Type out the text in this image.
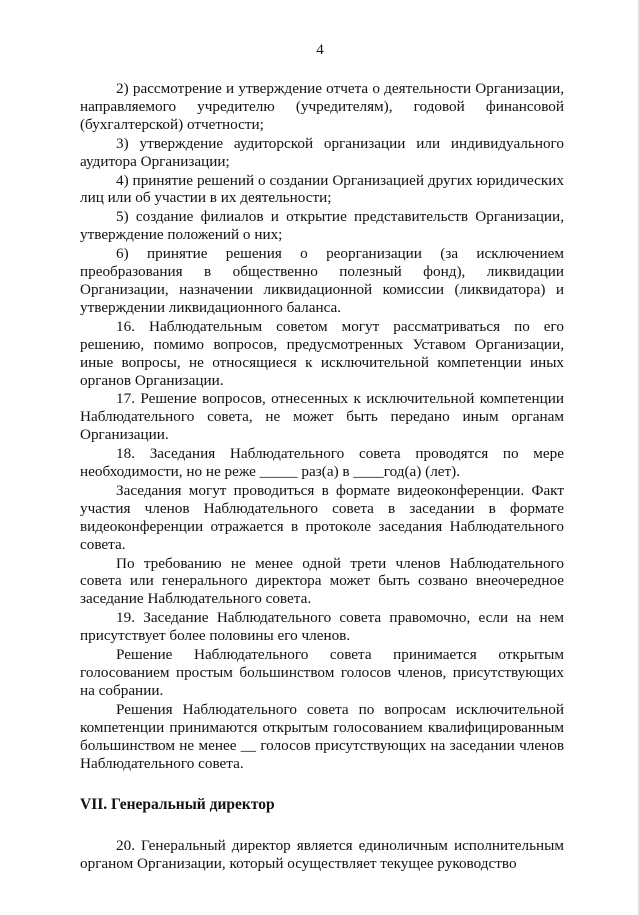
4

2) рассмотрение и утверждение отчета о деятельности Организации, направляемого учредителю (учредителям), годовой финансовой (бухгалтерской) отчетности;

3) утверждение аудиторской организации или индивидуального аудитора Организации;

4) принятие решений о создании Организацией других юридических лиц или об участии в их деятельности;

5) создание филиалов и открытие представительств Организации, утверждение положений о них;

6) принятие решения о реорганизации (за исключением преобразования в общественно полезный фонд), ликвидации Организации, назначении ликвидационной комиссии (ликвидатора) и утверждении ликвидационного баланса.

16. Наблюдательным советом могут рассматриваться по его решению, помимо вопросов, предусмотренных Уставом Организации, иные вопросы, не относящиеся к исключительной компетенции иных органов Организации.

17. Решение вопросов, отнесенных к исключительной компетенции Наблюдательного совета, не может быть передано иным органам Организации.

18. Заседания Наблюдательного совета проводятся по мере необходимости, но не реже _____ раз(а) в ____год(а) (лет).

Заседания могут проводиться в формате видеоконференции. Факт участия членов Наблюдательного совета в заседании в формате видеоконференции отражается в протоколе заседания Наблюдательного совета.

По требованию не менее одной трети членов Наблюдательного совета или генерального директора может быть созвано внеочередное заседание Наблюдательного совета.

19. Заседание Наблюдательного совета правомочно, если на нем присутствует более половины его членов.

Решение Наблюдательного совета принимается открытым голосованием простым большинством голосов членов, присутствующих на собрании.

Решения Наблюдательного совета по вопросам исключительной компетенции принимаются открытым голосованием квалифицированным большинством не менее __ голосов присутствующих на заседании членов Наблюдательного совета.

VII. Генеральный директор

20. Генеральный директор является единоличным исполнительным органом Организации, который осуществляет текущее руководство
